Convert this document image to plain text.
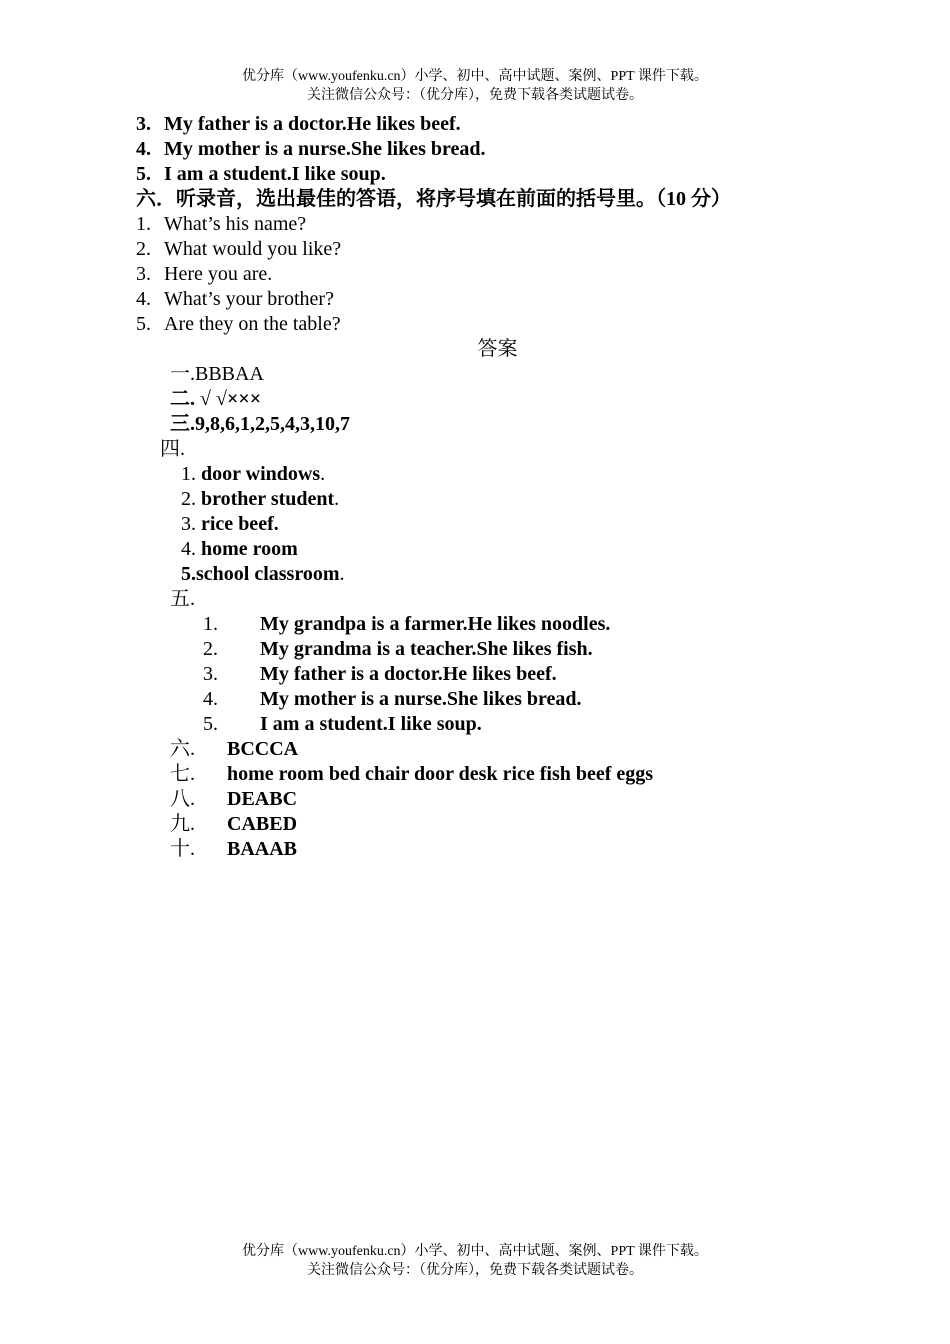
优分库（www.youfenku.cn）小学、初中、高中试题、案例、PPT 课件下载。
关注微信公众号：（优分库），免费下载各类试题试卷。
3. My father is a doctor.He likes beef.
4. My mother is a nurse.She likes bread.
5. I am a student.I like soup.
六．听录音，选出最佳的答语，将序号填在前面的括号里。（10 分）
1. What’s his name?
2. What would you like?
3. Here you are.
4. What’s your brother?
5. Are they on the table?
答案
一.BBBAA
二. √ √×××
三.9,8,6,1,2,5,4,3,10,7
四.
1. door windows.
2. brother student.
3. rice beef.
4. home room
5.school classroom.
五.
1. My grandpa is a farmer.He likes noodles.
2. My grandma is a teacher.She likes fish.
3. My father is a doctor.He likes beef.
4. My mother is a nurse.She likes bread.
5. I am a student.I like soup.
六. BCCCA
七. home room bed chair door desk rice fish beef eggs
八. DEABC
九. CABED
十. BAAAB
优分库（www.youfenku.cn）小学、初中、高中试题、案例、PPT 课件下载。
关注微信公众号：（优分库），免费下载各类试题试卷。
